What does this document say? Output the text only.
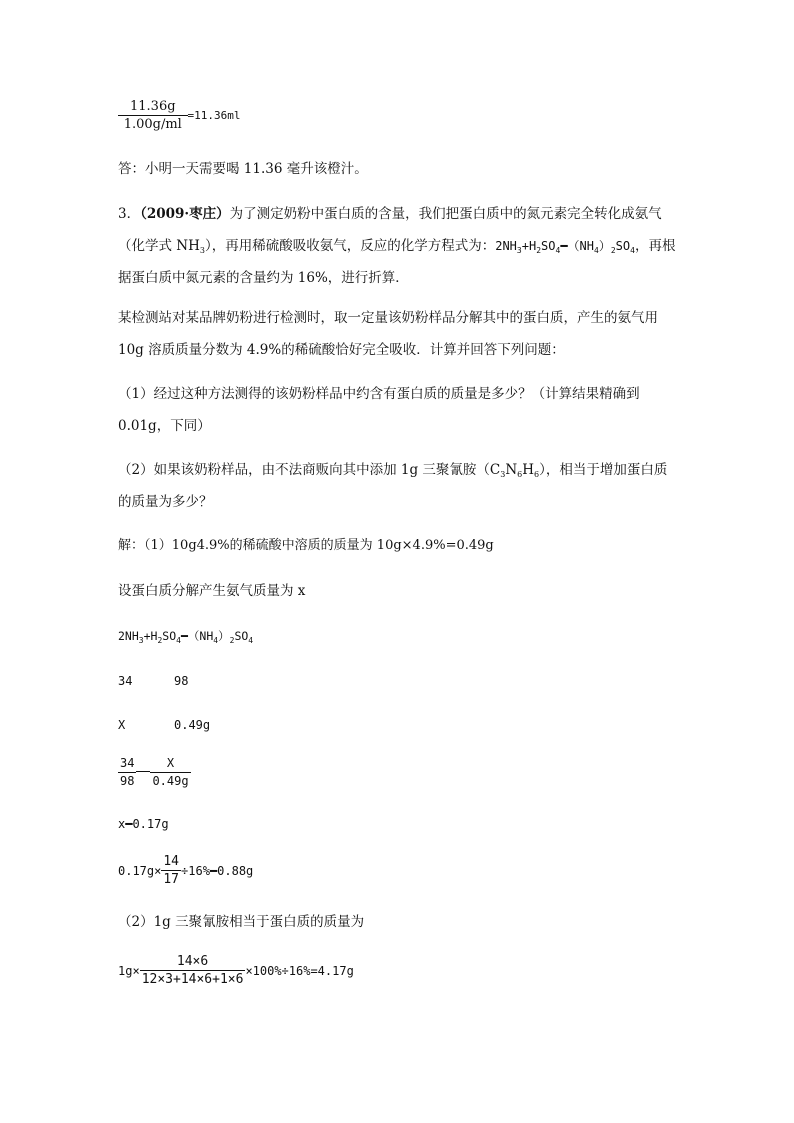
$\frac{11.36g}{1.00g/ml} =11.36ml$
答：小明一天需要喝 11.36 毫升该橙汁。
3．（2009·枣庄）为了测定奶粉中蛋白质的含量，我们把蛋白质中的氮元素完全转化成氨气（化学式 $NH_3$），再用稀硫酸吸收氨气，反应的化学方程式为：$2NH_3+H_2SO_4━(NH_4)_2SO_4$，再根据蛋白质中氮元素的含量约为 16%，进行折算．
某检测站对某品牌奶粉进行检测时，取一定量该奶粉样品分解其中的蛋白质，产生的氨气用 10g 溶质质量分数为 4.9%的稀硫酸恰好完全吸收．计算并回答下列问题：
（1）经过这种方法测得的该奶粉样品中约含有蛋白质的质量是多少？（计算结果精确到 0.01g，下同）
（2）如果该奶粉样品，由不法商贩向其中添加 1g 三聚氰胺$(C_3N_6H_6)$，相当于增加蛋白质的质量为多少？
解：（1）10g4.9%的稀硫酸中溶质的质量为 10g×4.9%=0.49g
设蛋白质分解产生氨气质量为 x
$2NH_3+H_2SO_4━(NH_4)_2SO_4$
34	98
X	0.49g
$\frac{34}{98} \frac{X}{0.49g}$
x━0.17g
$0.17g\times \frac{14}{17}$ ÷16%━0.88g
（2）1g 三聚氰胺相当于蛋白质的质量为
$1g\times \frac{14\times 6}{12\times 3+14\times 6+1\times 6} \times 100\%\div 16\%=4.17g$
